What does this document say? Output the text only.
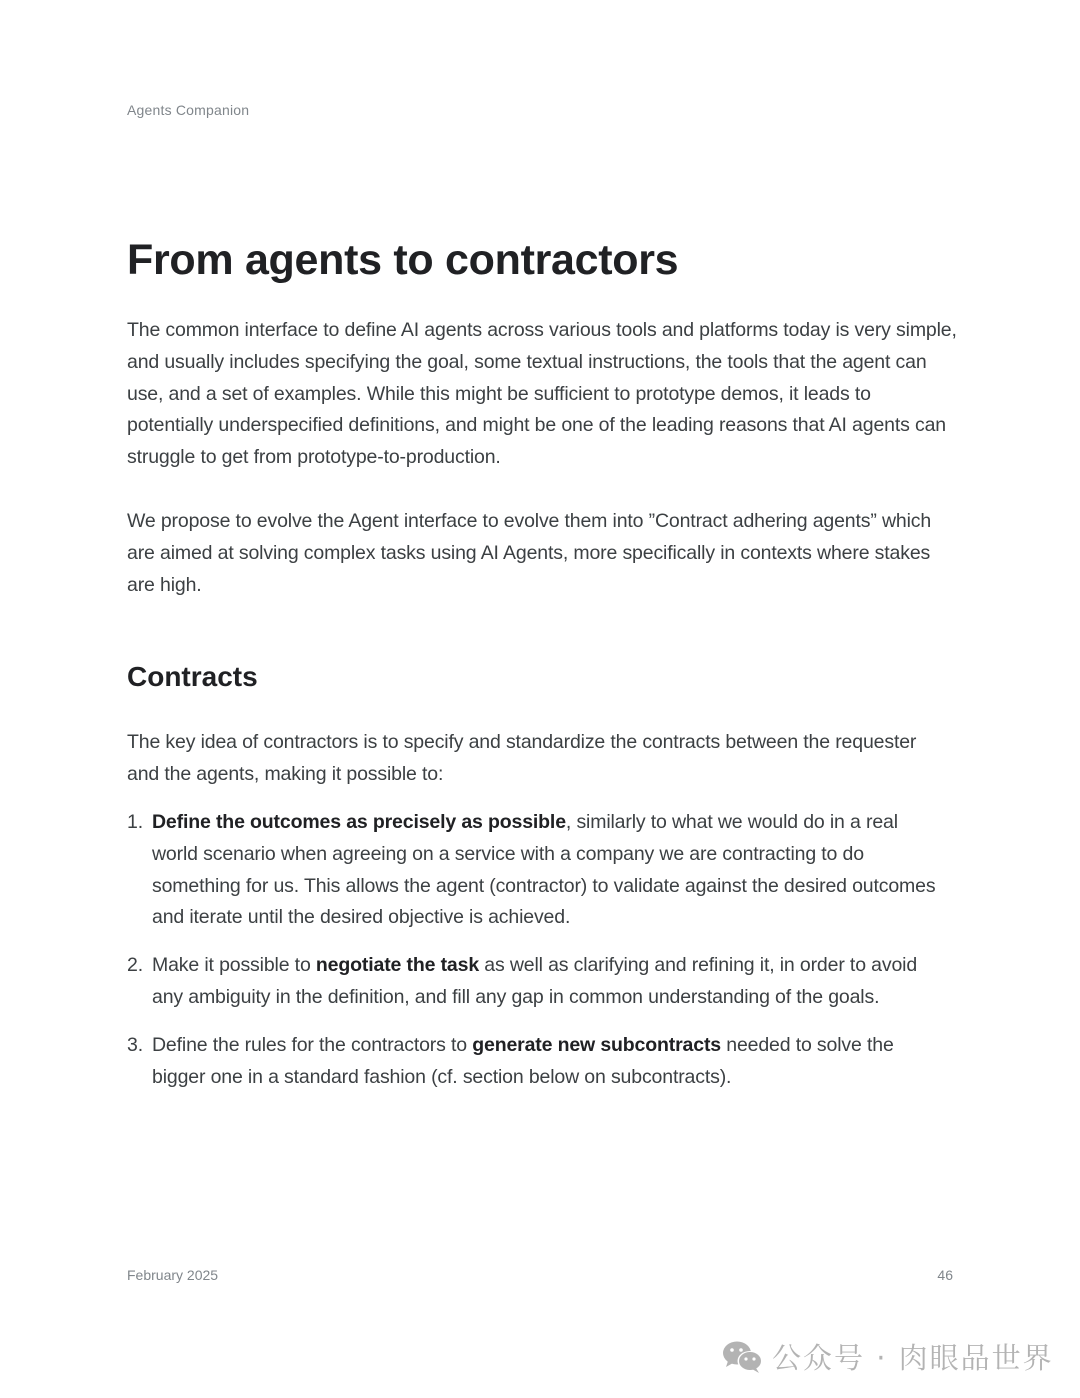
Agents Companion
From agents to contractors

The common interface to define AI agents across various tools and platforms today is very simple, and usually includes specifying the goal, some textual instructions, the tools that the agent can use, and a set of examples. While this might be sufficient to prototype demos, it leads to potentially underspecified definitions, and might be one of the leading reasons that AI agents can struggle to get from prototype-to-production.

We propose to evolve the Agent interface to evolve them into ”Contract adhering agents” which are aimed at solving complex tasks using AI Agents, more specifically in contexts where stakes are high.

Contracts

The key idea of contractors is to specify and standardize the contracts between the requester and the agents, making it possible to:

1. Define the outcomes as precisely as possible, similarly to what we would do in a real world scenario when agreeing on a service with a company we are contracting to do something for us. This allows the agent (contractor) to validate against the desired outcomes and iterate until the desired objective is achieved.
2. Make it possible to negotiate the task as well as clarifying and refining it, in order to avoid any ambiguity in the definition, and fill any gap in common understanding of the goals.
3. Define the rules for the contractors to generate new subcontracts needed to solve the bigger one in a standard fashion (cf. section below on subcontracts).
February 2025	46
公众号 · 肉眼品世界
